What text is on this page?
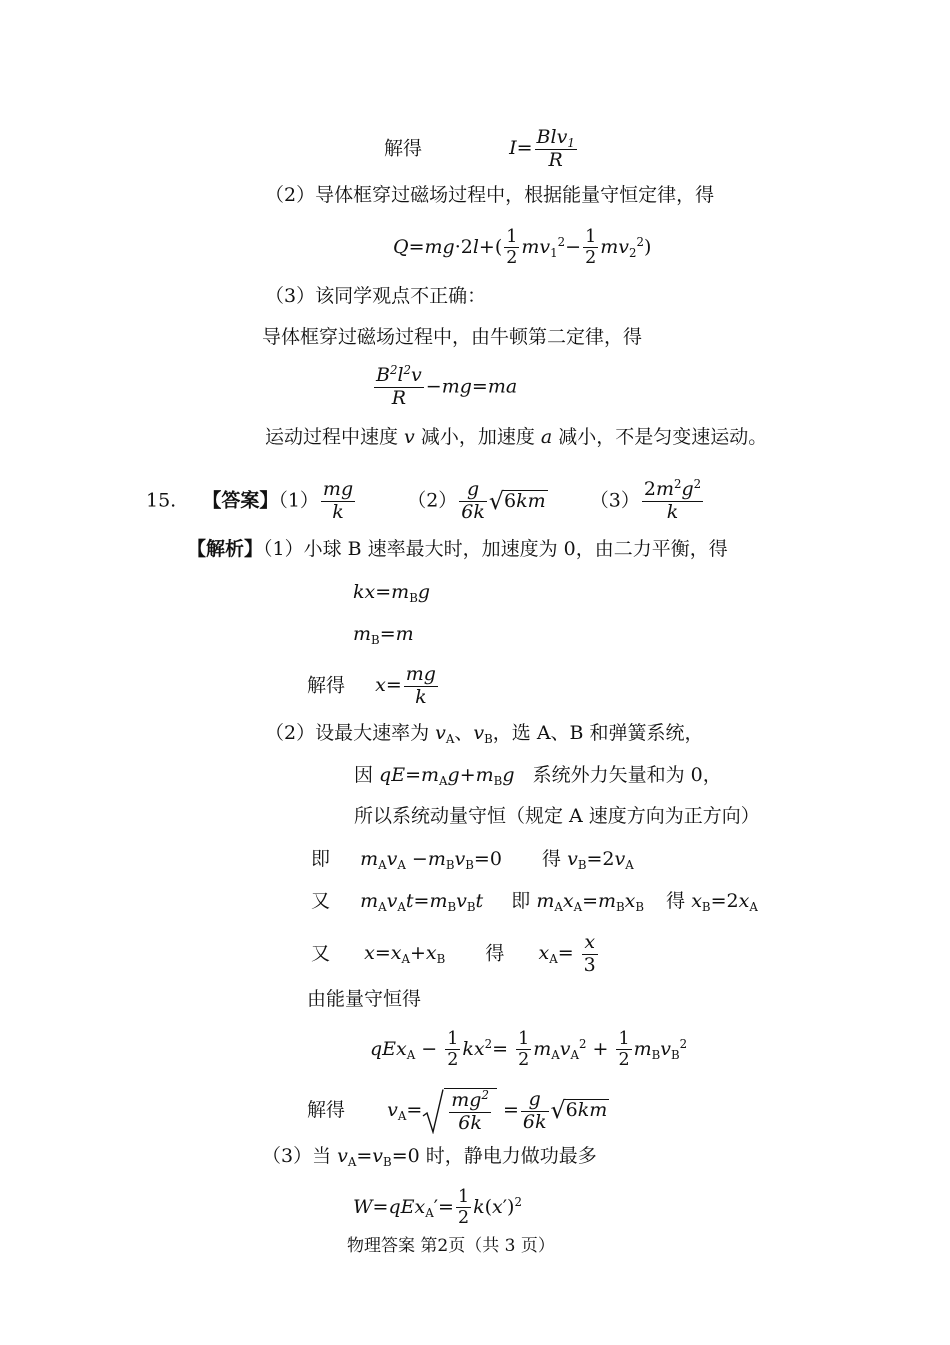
解得	$I= \frac{Blv_1}{R}$
（2）导体框穿过磁场过程中，根据能量守恒定律，得
$Q=mg\cdot 2l+( \frac{1}{2} mv_1^2- \frac{1}{2} mv_2^2)$
（3）该同学观点不正确：
导体框穿过磁场过程中，由牛顿第二定律，得
$\frac{B^2l^2v}{R} -mg=ma$
运动过程中速度 v 减小，加速度 a 减小，不是匀变速运动。
15. 【答案】$(1) \frac{mg}{k}$	$(2) \frac{g}{6k} √6km$ $(3) \frac{2m^2g^2}{k}$
【解析】（1）小球 B 速率最大时，加速度为 0，由二力平衡，得
$kx=m_Bg$
$m_B=m$
解得 $x= \frac{mg}{k}$
（2）设最大速率为 $v_A$、$v_B$，选 A、B 和弹簧系统，
因 $qE=m_Ag+m_Bg$   系统外力矢量和为 0，
所以系统动量守恒（规定 A 速度方向为正方向）
即 $m_Av_A -m_Bv_B=0$ 得 $v_B=2v_A$
又 $m_Av_At=m_Bv_Bt$ 即 $m_Ax_A=m_Bx_B$ 得 $x_B=2x_A$
又 $x=x_A+x_B$ 得 $x_A= \frac{x}{3}$
由能量守恒得
$qEx_A - \frac{1}{2} kx^2= \frac{1}{2} m_Av_A^2 + \frac{1}{2} m_Bv_B^2$
解得 $v_A= \frac{mg^2}{6k} = \frac{g}{6k} √6km$
（3）当 $v_A=v_B=0$ 时，静电力做功最多
$W=qEx_A'= \frac{1}{2} k(x')^2$
物理答案 第2页（共 3 页）
